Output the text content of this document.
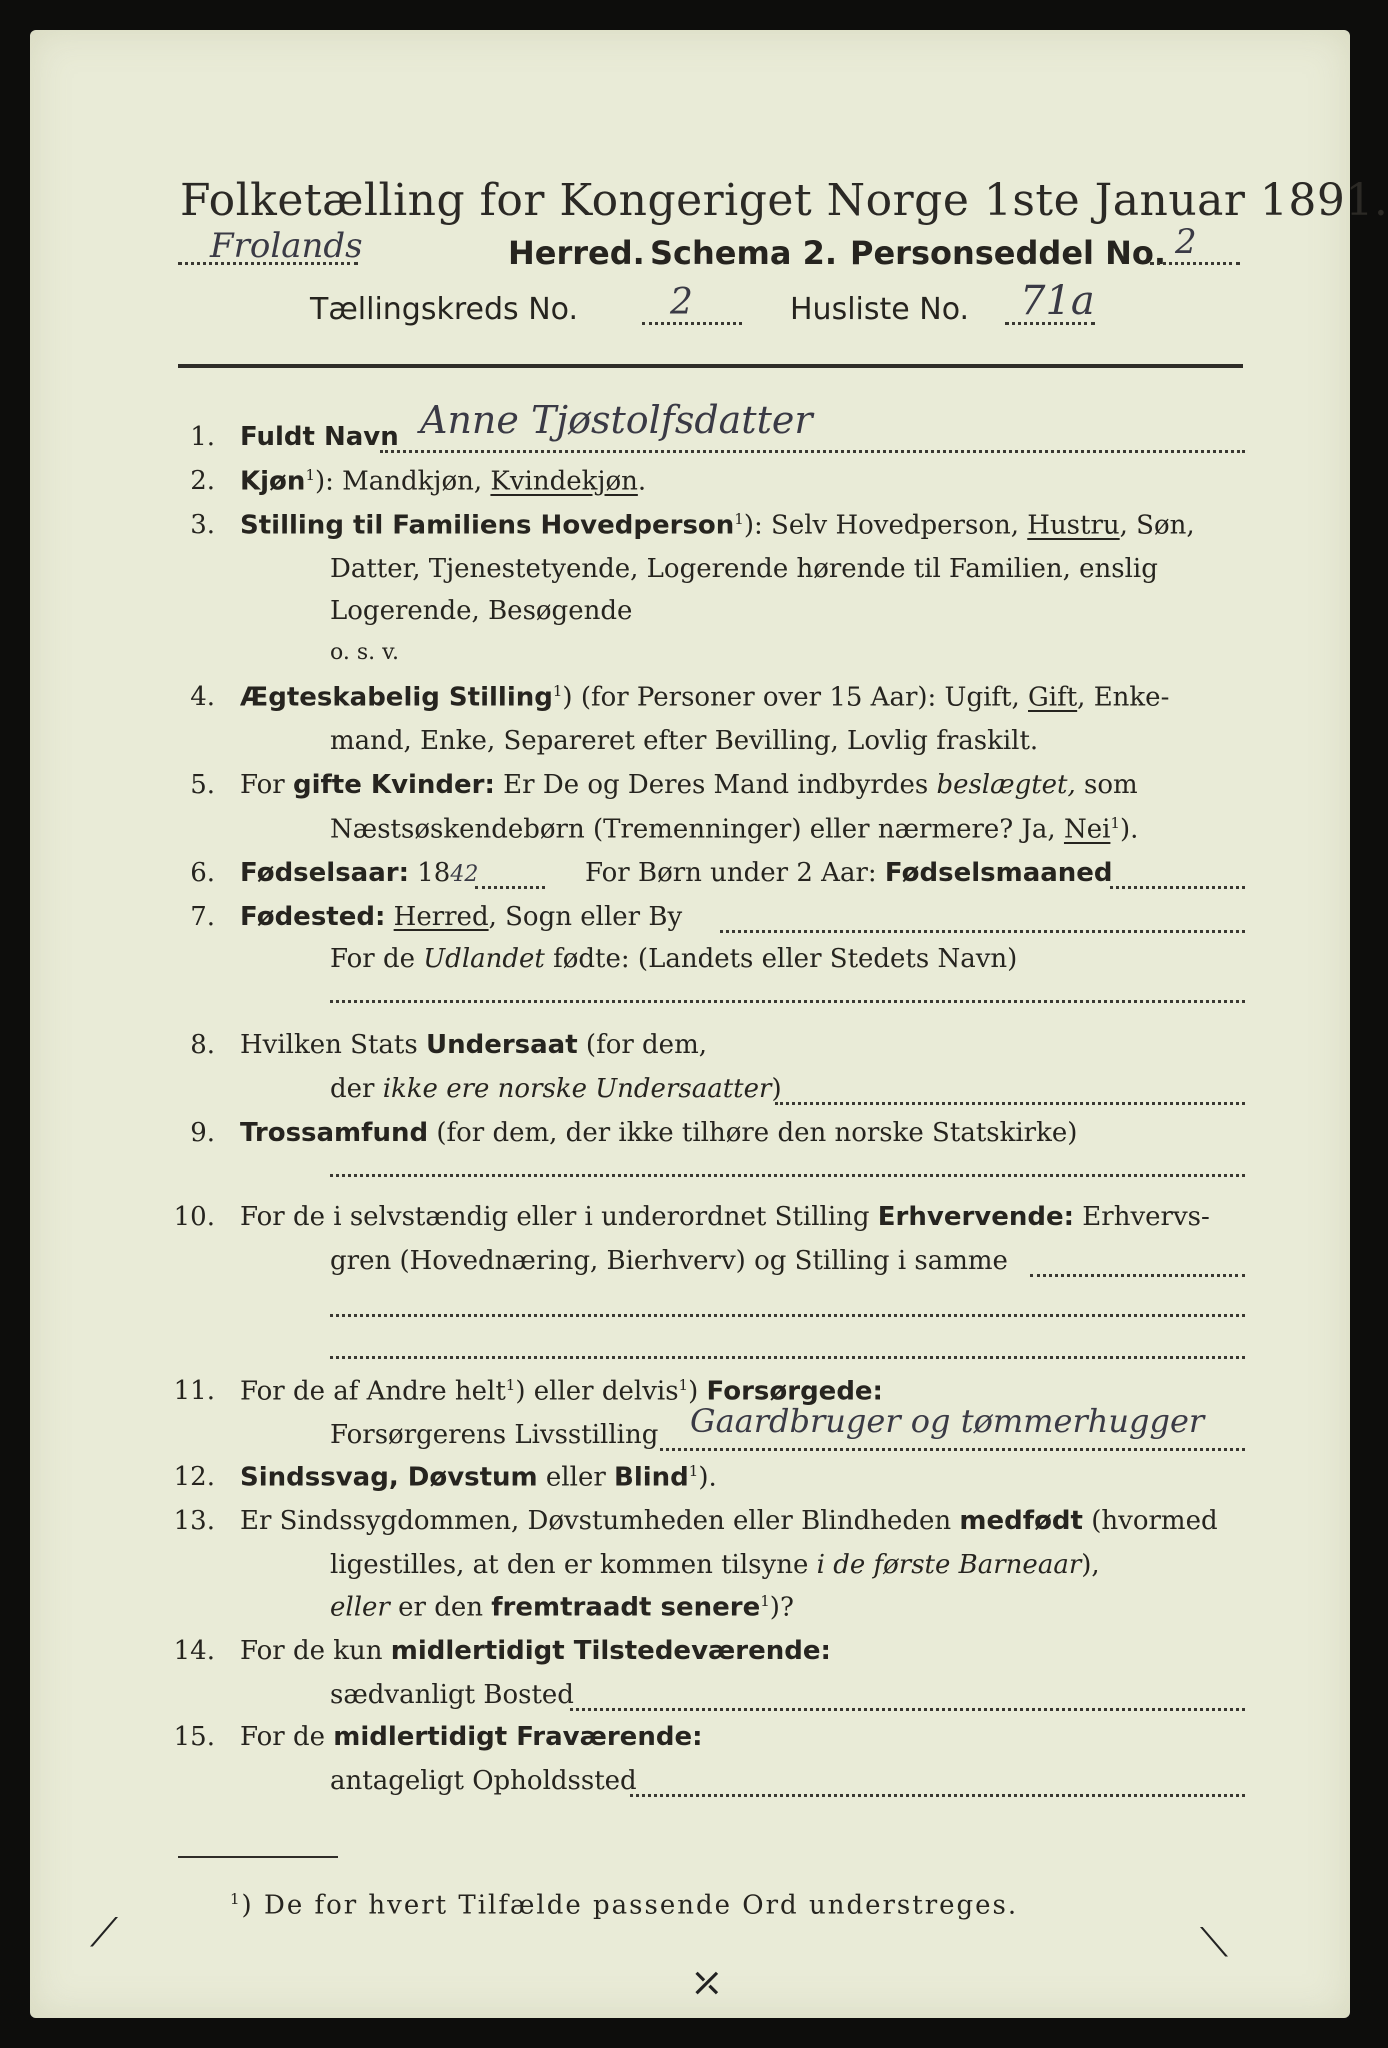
Folketælling for Kongeriget Norge 1ste Januar 1891.
Frolands	Herred. Schema 2. Personseddel No. 2
Tællingskreds No.	2	Husliste No. 71a
1. Fuldt Navn Anne Tjøstolfsdatter
2. Kjøn$^1$): Mandkjøn, Kvindekjøn.
3. Stilling til Familiens Hovedperson$^1$): Selv Hovedperson, Hustru, Søn,
Datter, Tjenestetyende, Logerende hørende til Familien, enslig
Logerende, Besøgende
o. s. v.
4. Ægteskabelig Stilling$^1$) (for Personer over 15 Aar): Ugift, Gift, Enke-
mand, Enke, Separeret efter Bevilling, Lovlig fraskilt.
5. For gifte Kvinder: Er De og Deres Mand indbyrdes beslægtet, som
Næstsøskendebørn (Tremenninger) eller nærmere? Ja, Nei$^1$).
6. Fødselsaar: 1842	For Børn under 2 Aar: Fødselsmaaned
7. Fødested: Herred, Sogn eller By
For de Udlandet fødte: (Landets eller Stedets Navn)
8. Hvilken Stats Undersaat (for dem,
der ikke ere norske Undersaatter)
9. Trossamfund (for dem, der ikke tilhøre den norske Statskirke)
10. For de i selvstændig eller i underordnet Stilling Erhvervende: Erhvervs-
gren (Hovednæring, Bierhverv) og Stilling i samme
11. For de af Andre helt$^1$) eller delvis$^1$) Forsørgede:
Forsørgerens Livsstilling Gaardbruger og tømmerhugger
12. Sindssvag, Døvstum eller Blind$^1$).
13. Er Sindssygdommen, Døvstumheden eller Blindheden medfødt (hvormed
ligestilles, at den er kommen tilsyne i de første Barneaar),
eller er den fremtraadt senere$^1$)?
14. For de kun midlertidigt Tilstedeværende:
sædvanligt Bosted
15. For de midlertidigt Fraværende:
antageligt Opholdssted
$^1$) De for hvert Tilfælde passende Ord understreges.
⟋
⤫
⟍
